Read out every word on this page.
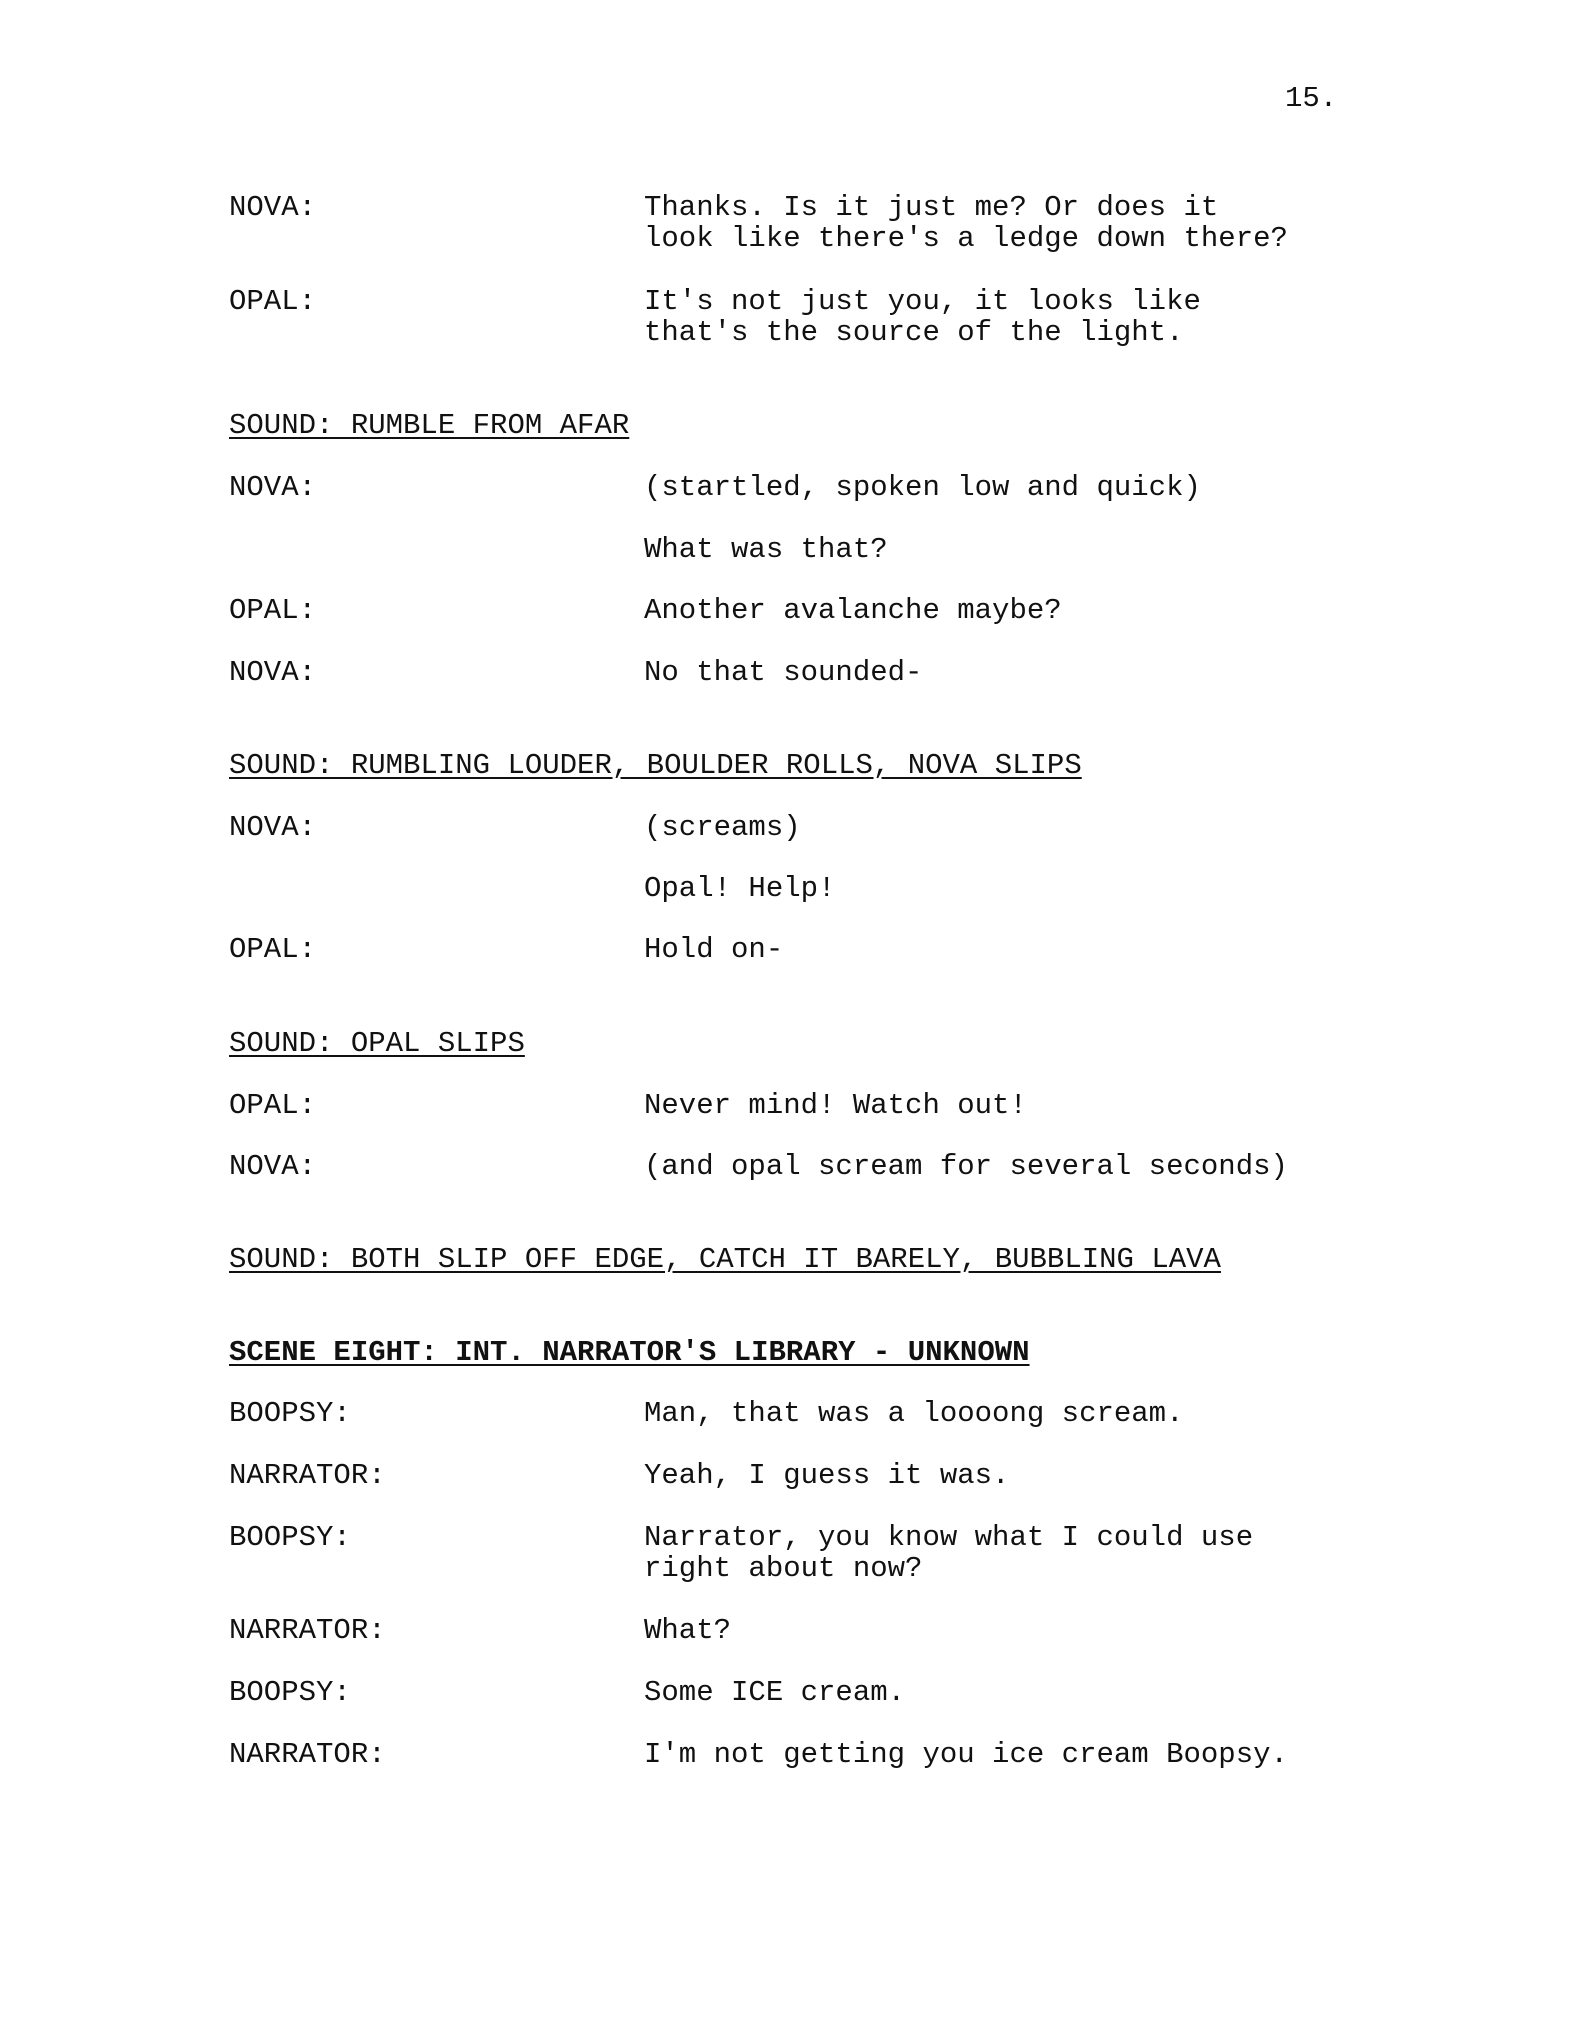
15.
NOVA:	Thanks. Is it just me? Or does it
look like there's a ledge down there?
OPAL:	It's not just you, it looks like
that's the source of the light.
SOUND: RUMBLE FROM AFAR
NOVA:	(startled, spoken low and quick)
What was that?
OPAL:	Another avalanche maybe?
NOVA:	No that sounded-
SOUND: RUMBLING LOUDER, BOULDER ROLLS, NOVA SLIPS
NOVA:	(screams)
Opal! Help!
OPAL:	Hold on-
SOUND: OPAL SLIPS
OPAL:	Never mind! Watch out!
NOVA:	(and opal scream for several seconds)
SOUND: BOTH SLIP OFF EDGE, CATCH IT BARELY, BUBBLING LAVA
SCENE EIGHT: INT. NARRATOR'S LIBRARY - UNKNOWN
BOOPSY:	Man, that was a loooong scream.
NARRATOR:	Yeah, I guess it was.
BOOPSY:	Narrator, you know what I could use
right about now?
NARRATOR:	What?
BOOPSY:	Some ICE cream.
NARRATOR:	I'm not getting you ice cream Boopsy.
